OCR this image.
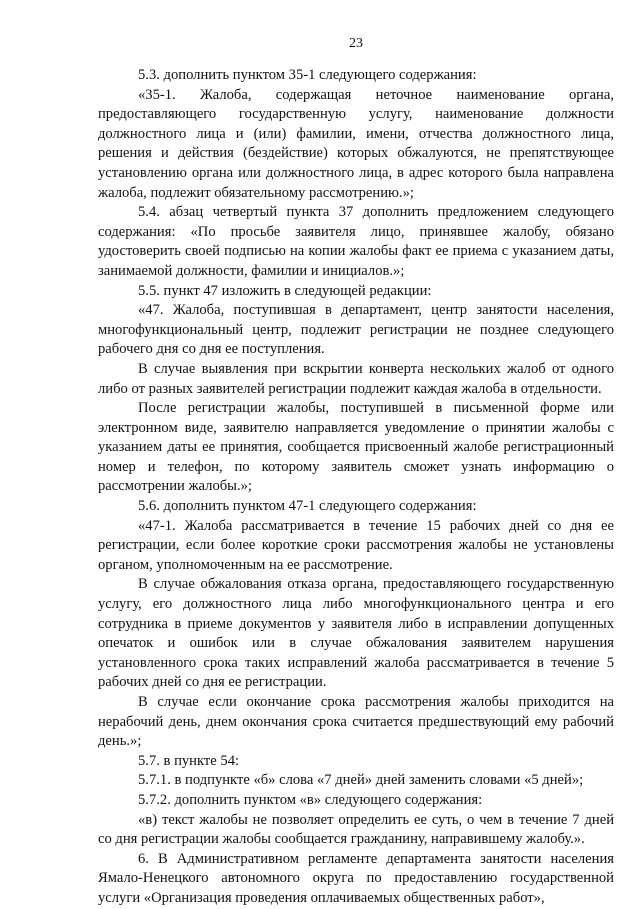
23

5.3. дополнить пунктом 35-1 следующего содержания:

«35-1. Жалоба, содержащая неточное наименование органа, предоставляющего государственную услугу, наименование должности должностного лица и (или) фамилии, имени, отчества должностного лица, решения и действия (бездействие) которых обжалуются, не препятствующее установлению органа или должностного лица, в адрес которого была направлена жалоба, подлежит обязательному рассмотрению.»;

5.4. абзац четвертый пункта 37 дополнить предложением следующего содержания: «По просьбе заявителя лицо, принявшее жалобу, обязано удостоверить своей подписью на копии жалобы факт ее приема с указанием даты, занимаемой должности, фамилии и инициалов.»;

5.5. пункт 47 изложить в следующей редакции:

«47. Жалоба, поступившая в департамент, центр занятости населения, многофункциональный центр, подлежит регистрации не позднее следующего рабочего дня со дня ее поступления.

В случае выявления при вскрытии конверта нескольких жалоб от одного либо от разных заявителей регистрации подлежит каждая жалоба в отдельности.

После регистрации жалобы, поступившей в письменной форме или электронном виде, заявителю направляется уведомление о принятии жалобы с указанием даты ее принятия, сообщается присвоенный жалобе регистрационный номер и телефон, по которому заявитель сможет узнать информацию о рассмотрении жалобы.»;

5.6. дополнить пунктом 47-1 следующего содержания:

«47-1. Жалоба рассматривается в течение 15 рабочих дней со дня ее регистрации, если более короткие сроки рассмотрения жалобы не установлены органом, уполномоченным на ее рассмотрение.

В случае обжалования отказа органа, предоставляющего государственную услугу, его должностного лица либо многофункционального центра и его сотрудника в приеме документов у заявителя либо в исправлении допущенных опечаток и ошибок или в случае обжалования заявителем нарушения установленного срока таких исправлений жалоба рассматривается в течение 5 рабочих дней со дня ее регистрации.

В случае если окончание срока рассмотрения жалобы приходится на нерабочий день, днем окончания срока считается предшествующий ему рабочий день.»;

5.7. в пункте 54:

5.7.1. в подпункте «б» слова «7 дней» дней заменить словами «5 дней»;

5.7.2. дополнить пунктом «в» следующего содержания:

«в) текст жалобы не позволяет определить ее суть, о чем в течение 7 дней со дня регистрации жалобы сообщается гражданину, направившему жалобу.».

6. В Административном регламенте департамента занятости населения Ямало-Ненецкого автономного округа по предоставлению государственной услуги «Организация проведения оплачиваемых общественных работ»,
